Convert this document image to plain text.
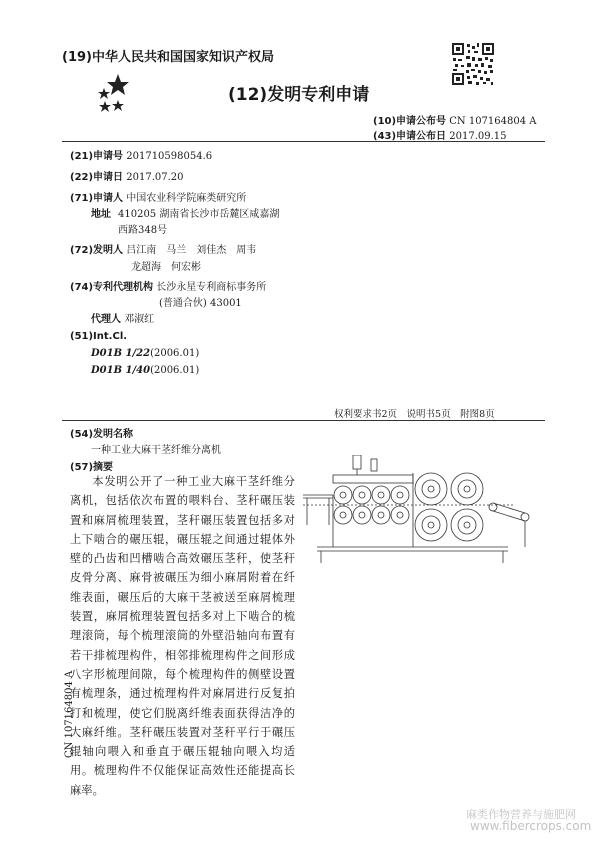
(19)中华人民共和国国家知识产权局
(12)发明专利申请
(10)申请公布号 CN 107164804 A
(43)申请公布日 2017.09.15
(21)申请号 201710598054.6
(22)申请日 2017.07.20
(71)申请人 中国农业科学院麻类研究所
地址 410205 湖南省长沙市岳麓区咸嘉湖
西路348号
(72)发明人 吕江南　马兰　刘佳杰　周韦
龙超海　何宏彬
(74)专利代理机构 长沙永星专利商标事务所
(普通合伙) 43001
代理人 邓淑红
(51)Int.Cl.
D01B 1/22(2006.01)
D01B 1/40(2006.01)
权利要求书2页　说明书5页　附图8页
(54)发明名称
一种工业大麻干茎纤维分离机
(57)摘要
本发明公开了一种工业大麻干茎纤维分离机，包括依次布置的喂料台、茎秆碾压装置和麻屑梳理装置，茎秆碾压装置包括多对上下啮合的碾压辊，碾压辊之间通过辊体外壁的凸齿和凹槽啮合高效碾压茎秆，使茎秆皮骨分离、麻骨被碾压为细小麻屑附着在纤维表面，碾压后的大麻干茎被送至麻屑梳理装置，麻屑梳理装置包括多对上下啮合的梳理滚筒，每个梳理滚筒的外壁沿轴向布置有若干排梳理构件，相邻排梳理构件之间形成八字形梳理间隙，每个梳理构件的侧壁设置有梳理条，通过梳理构件对麻屑进行反复拍打和梳理，使它们脱离纤维表面获得洁净的大麻纤维。茎秆碾压装置对茎秆平行于碾压辊轴向喂入和垂直于碾压辊轴向喂入均适用。梳理构件不仅能保证高效性还能提高长麻率。
CN 107164804 A
麻类作物营养与施肥网
www.fibercrops.com
